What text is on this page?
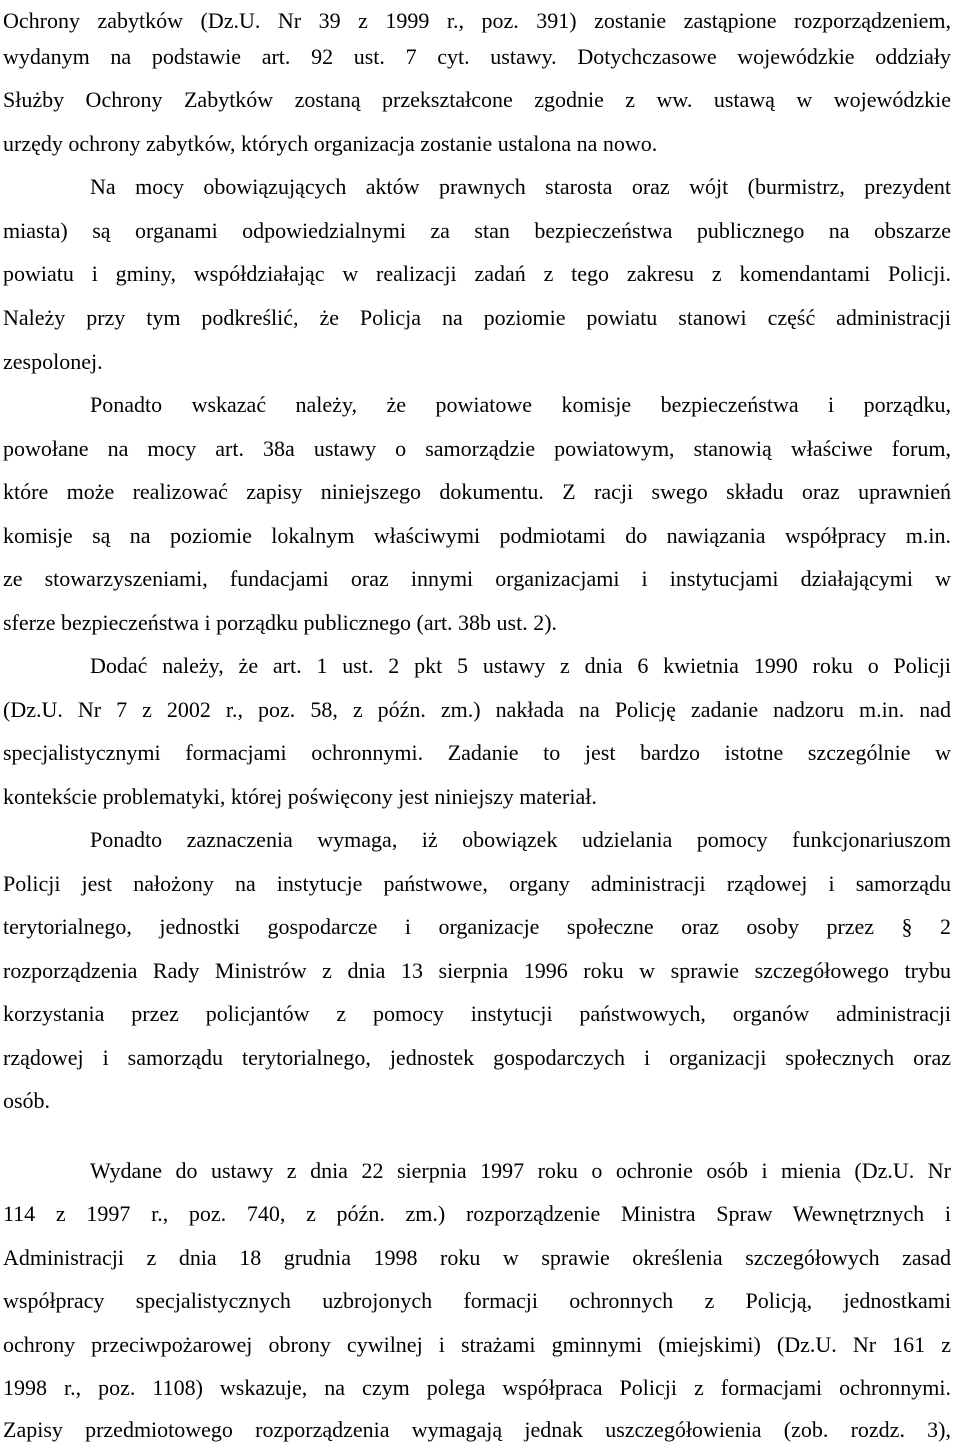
Ochrony zabytków (Dz.U. Nr 39 z 1999 r., poz. 391) zostanie zastąpione rozporządzeniem,
wydanym na podstawie art. 92 ust. 7 cyt. ustawy. Dotychczasowe wojewódzkie oddziały
Służby Ochrony Zabytków zostaną przekształcone zgodnie z ww. ustawą w wojewódzkie
urzędy ochrony zabytków, których organizacja zostanie ustalona na nowo.
Na mocy obowiązujących aktów prawnych starosta oraz wójt (burmistrz, prezydent
miasta) są organami odpowiedzialnymi za stan bezpieczeństwa publicznego na obszarze
powiatu i gminy, współdziałając w realizacji zadań z tego zakresu z komendantami Policji.
Należy przy tym podkreślić, że Policja na poziomie powiatu stanowi część administracji
zespolonej.
Ponadto wskazać należy, że powiatowe komisje bezpieczeństwa i porządku,
powołane na mocy art. 38a ustawy o samorządzie powiatowym, stanowią właściwe forum,
które może realizować zapisy niniejszego dokumentu. Z racji swego składu oraz uprawnień
komisje są na poziomie lokalnym właściwymi podmiotami do nawiązania współpracy m.in.
ze stowarzyszeniami, fundacjami oraz innymi organizacjami i instytucjami działającymi w
sferze bezpieczeństwa i porządku publicznego (art. 38b ust. 2).
Dodać należy, że art. 1 ust. 2 pkt 5 ustawy z dnia 6 kwietnia 1990 roku o Policji
(Dz.U. Nr 7 z 2002 r., poz. 58, z późn. zm.) nakłada na Policję zadanie nadzoru m.in. nad
specjalistycznymi formacjami ochronnymi. Zadanie to jest bardzo istotne szczególnie w
kontekście problematyki, której poświęcony jest niniejszy materiał.
Ponadto zaznaczenia wymaga, iż obowiązek udzielania pomocy funkcjonariuszom
Policji jest nałożony na instytucje państwowe, organy administracji rządowej i samorządu
terytorialnego, jednostki gospodarcze i organizacje społeczne oraz osoby przez § 2
rozporządzenia Rady Ministrów z dnia 13 sierpnia 1996 roku w sprawie szczegółowego trybu
korzystania przez policjantów z pomocy instytucji państwowych, organów administracji
rządowej i samorządu terytorialnego, jednostek gospodarczych i organizacji społecznych oraz
osób.
Wydane do ustawy z dnia 22 sierpnia 1997 roku o ochronie osób i mienia (Dz.U. Nr
114 z 1997 r., poz. 740, z późn. zm.) rozporządzenie Ministra Spraw Wewnętrznych i
Administracji z dnia 18 grudnia 1998 roku w sprawie określenia szczegółowych zasad
współpracy specjalistycznych uzbrojonych formacji ochronnych z Policją, jednostkami
ochrony przeciwpożarowej obrony cywilnej i strażami gminnymi (miejskimi) (Dz.U. Nr 161 z
1998 r., poz. 1108) wskazuje, na czym polega współpraca Policji z formacjami ochronnymi.
Zapisy przedmiotowego rozporządzenia wymagają jednak uszczegółowienia (zob. rozdz. 3),
